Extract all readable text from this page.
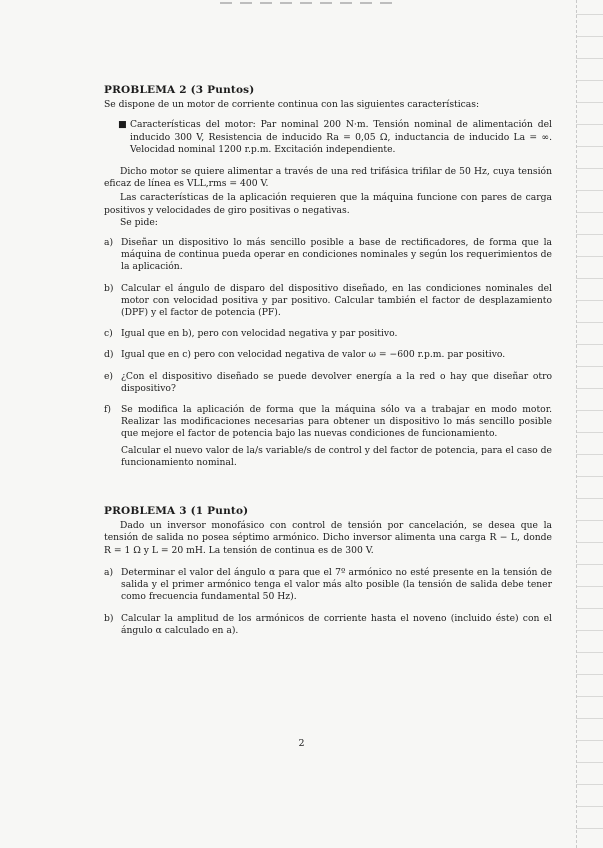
PROBLEMA 2 (3 Puntos)

Se dispone de un motor de corriente continua con las siguientes características:

■ Características del motor: Par nominal 200 N·m. Tensión nominal de alimentación del inducido 300 V, Resistencia de inducido Ra = 0,05 Ω, inductancia de inducido La = ∞. Velocidad nominal 1200 r.p.m. Excitación independiente.

Dicho motor se quiere alimentar a través de una red trifásica trifilar de 50 Hz, cuya tensión eficaz de línea es VLL,rms = 400 V.

Las características de la aplicación requieren que la máquina funcione con pares de carga positivos y velocidades de giro positivas o negativas.

Se pide:

a) Diseñar un dispositivo lo más sencillo posible a base de rectificadores, de forma que la máquina de continua pueda operar en condiciones nominales y según los requerimientos de la aplicación.
b) Calcular el ángulo de disparo del dispositivo diseñado, en las condiciones nominales del motor con velocidad positiva y par positivo. Calcular también el factor de desplazamiento (DPF) y el factor de potencia (PF).
c) Igual que en b), pero con velocidad negativa y par positivo.
d) Igual que en c) pero con velocidad negativa de valor ω = −600 r.p.m. par positivo.
e) ¿Con el dispositivo diseñado se puede devolver energía a la red o hay que diseñar otro dispositivo?
f)	Se modifica la aplicación de forma que la máquina sólo va a trabajar en modo motor. Realizar las modificaciones necesarias para obtener un dispositivo lo más sencillo posible que mejore el factor de potencia bajo las nuevas condiciones de funcionamiento.

Calcular el nuevo valor de la/s variable/s de control y del factor de potencia, para el caso de funcionamiento nominal.

PROBLEMA 3 (1 Punto)

Dado un inversor monofásico con control de tensión por cancelación, se desea que la tensión de salida no posea séptimo armónico. Dicho inversor alimenta una carga R − L, donde R = 1 Ω y L = 20 mH. La tensión de continua es de 300 V.

a) Determinar el valor del ángulo α para que el 7º armónico no esté presente en la tensión de salida y el primer armónico tenga el valor más alto posible (la tensión de salida debe tener como frecuencia fundamental 50 Hz).
b) Calcular la amplitud de los armónicos de corriente hasta el noveno (incluido éste) con el ángulo α calculado en a).
2
